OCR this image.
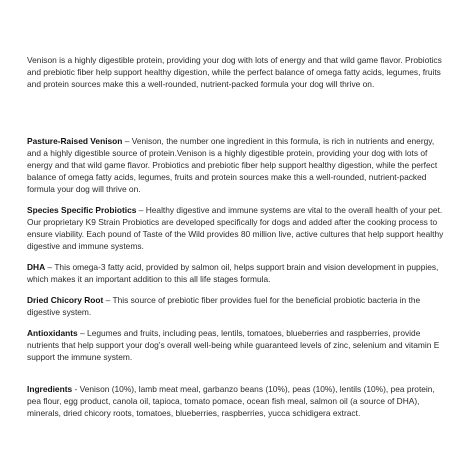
Venison is a highly digestible protein, providing your dog with lots of energy and that wild game flavor. Probiotics and prebiotic fiber help support healthy digestion, while the perfect balance of omega fatty acids, legumes, fruits and protein sources make this a well-rounded, nutrient-packed formula your dog will thrive on.

Pasture-Raised Venison – Venison, the number one ingredient in this formula, is rich in nutrients and energy, and a highly digestible source of protein.Venison is a highly digestible protein, providing your dog with lots of energy and that wild game flavor. Probiotics and prebiotic fiber help support healthy digestion, while the perfect balance of omega fatty acids, legumes, fruits and protein sources make this a well-rounded, nutrient-packed formula your dog will thrive on.

Species Specific Probiotics – Healthy digestive and immune systems are vital to the overall health of your pet. Our proprietary K9 Strain Probiotics are developed specifically for dogs and added after the cooking process to ensure viability. Each pound of Taste of the Wild provides 80 million live, active cultures that help support healthy digestive and immune systems.

DHA – This omega-3 fatty acid, provided by salmon oil, helps support brain and vision development in puppies, which makes it an important addition to this all life stages formula.

Dried Chicory Root – This source of prebiotic fiber provides fuel for the beneficial probiotic bacteria in the digestive system.

Antioxidants – Legumes and fruits, including peas, lentils, tomatoes, blueberries and raspberries, provide nutrients that help support your dog’s overall well-being while guaranteed levels of zinc, selenium and vitamin E support the immune system.

Ingredients - Venison (10%), lamb meat meal, garbanzo beans (10%), peas (10%), lentils (10%), pea protein, pea flour, egg product, canola oil, tapioca, tomato pomace, ocean fish meal, salmon oil (a source of DHA), minerals, dried chicory roots, tomatoes, blueberries, raspberries, yucca schidigera extract.
